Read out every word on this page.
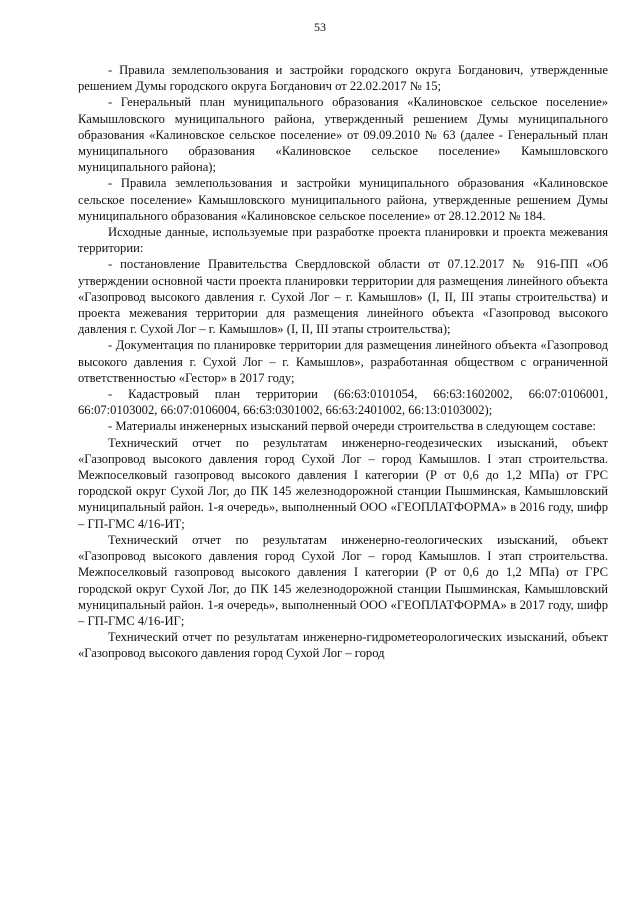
53

- Правила землепользования и застройки городского округа Богданович, утвержденные решением Думы городского округа Богданович от 22.02.2017 № 15;

- Генеральный план муниципального образования «Калиновское сельское поселение» Камышловского муниципального района, утвержденный решением Думы муниципального образования «Калиновское сельское поселение» от 09.09.2010 № 63 (далее - Генеральный план муниципального образования «Калиновское сельское поселение» Камышловского муниципального района);

- Правила землепользования и застройки муниципального образования «Калиновское сельское поселение» Камышловского муниципального района, утвержденные решением Думы муниципального образования «Калиновское сельское поселение» от 28.12.2012 № 184.

Исходные данные, используемые при разработке проекта планировки и проекта межевания территории:

- постановление Правительства Свердловской области от 07.12.2017 № 916-ПП «Об утверждении основной части проекта планировки территории для размещения линейного объекта «Газопровод высокого давления г. Сухой Лог – г. Камышлов» (I, II, III этапы строительства) и проекта межевания территории для размещения линейного объекта «Газопровод высокого давления г. Сухой Лог – г. Камышлов» (I, II, III этапы строительства);

- Документация по планировке территории для размещения линейного объекта «Газопровод высокого давления г. Сухой Лог – г. Камышлов», разработанная обществом с ограниченной ответственностью «Гестор» в 2017 году;

- Кадастровый план территории (66:63:0101054, 66:63:1602002, 66:07:0106001, 66:07:0103002, 66:07:0106004, 66:63:0301002, 66:63:2401002, 66:13:0103002);

- Материалы инженерных изысканий первой очереди строительства в следующем составе:

Технический отчет по результатам инженерно-геодезических изысканий, объект «Газопровод высокого давления город Сухой Лог – город Камышлов. I этап строительства. Межпоселковый газопровод высокого давления I категории (Р от 0,6 до 1,2 МПа) от ГРС городской округ Сухой Лог, до ПК 145 железнодорожной станции Пышминская, Камышловский муниципальный район. 1-я очередь», выполненный ООО «ГЕОПЛАТФОРМА» в 2016 году, шифр – ГП-ГМС 4/16-ИТ;

Технический отчет по результатам инженерно-геологических изысканий, объект «Газопровод высокого давления город Сухой Лог – город Камышлов. I этап строительства. Межпоселковый газопровод высокого давления I категории (Р от 0,6 до 1,2 МПа) от ГРС городской округ Сухой Лог, до ПК 145 железнодорожной станции Пышминская, Камышловский муниципальный район. 1-я очередь», выполненный ООО «ГЕОПЛАТФОРМА» в 2017 году, шифр – ГП-ГМС 4/16-ИГ;

Технический отчет по результатам инженерно-гидрометеорологических изысканий, объект «Газопровод высокого давления город Сухой Лог – город
